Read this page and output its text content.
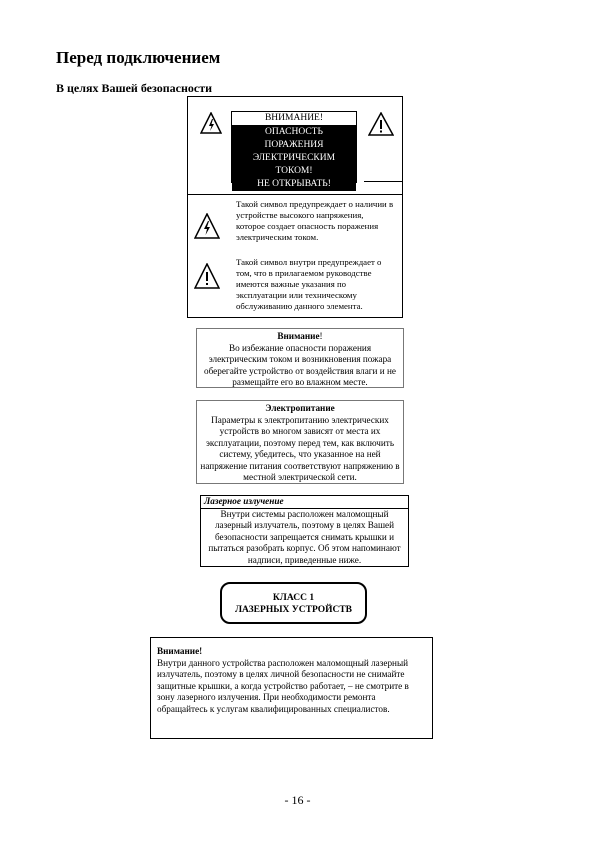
Перед подключением
В целях Вашей безопасности
ВНИМАНИЕ!
ОПАСНОСТЬ
ПОРАЖЕНИЯ
ЭЛЕКТРИЧЕСКИМ
ТОКОМ!
НЕ ОТКРЫВАТЬ!
Такой символ предупреждает о наличии в устройстве высокого напряжения, которое создает опасность поражения электрическим током.
Такой символ внутри предупреждает о том, что в прилагаемом руководстве имеются важные указания по эксплуатации или техническому обслуживанию данного элемента.
Внимание!
Во избежание опасности поражения электрическим током и возникновения пожара оберегайте устройство от воздействия влаги и не размещайте его во влажном месте.
Электропитание
Параметры к электропитанию электрических устройств во многом зависят от места их эксплуатации, поэтому перед тем, как включить систему, убедитесь, что указанное на ней напряжение питания соответствуют напряжению в местной электрической сети.
Лазерное излучение
Внутри системы расположен маломощный лазерный излучатель, поэтому в целях Вашей безопасности запрещается снимать крышки и пытаться разобрать корпус. Об этом напоминают надписи, приведенные ниже.
КЛАСС 1
ЛАЗЕРНЫХ УСТРОЙСТВ
Внимание!
Внутри данного устройства расположен маломощный лазерный излучатель, поэтому в целях личной безопасности не снимайте защитные крышки, а когда устройство работает, – не смотрите в зону лазерного излучения. При необходимости ремонта обращайтесь к услугам квалифицированных специалистов.
- 16 -
